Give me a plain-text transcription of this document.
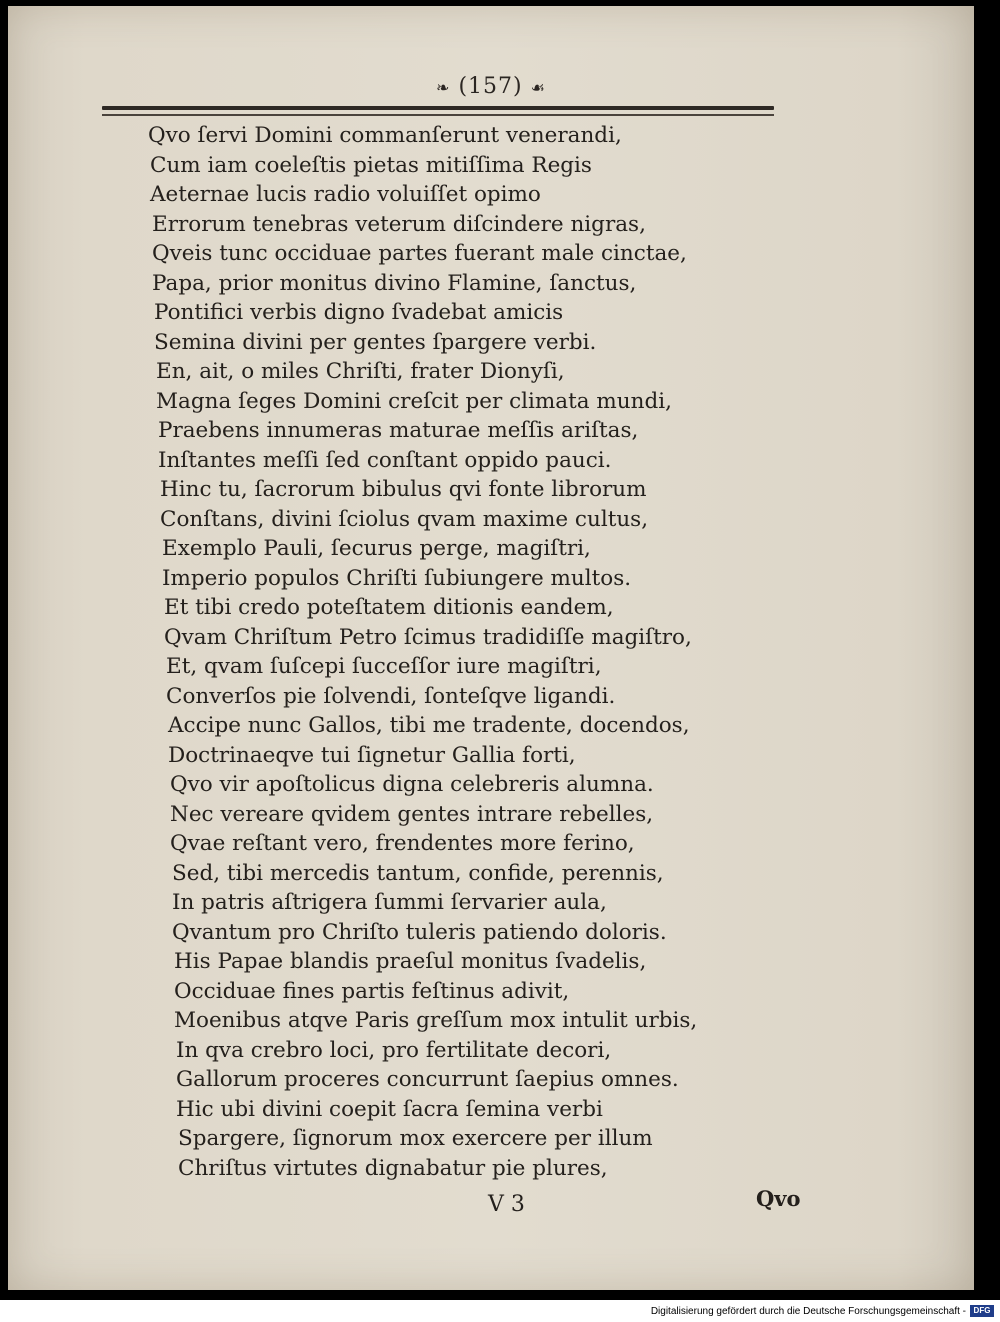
❧ (157) ☙
Qvo ſervi Domini commanſerunt venerandi,
Cum iam coeleſtis pietas mitiſſima Regis
Aeternae lucis radio voluiſſet opimo
Errorum tenebras veterum diſcindere nigras,
Qveis tunc occiduae partes fuerant male cinctae,
Papa, prior monitus divino Flamine, ſanctus,
Pontifici verbis digno ſvadebat amicis
Semina divini per gentes ſpargere verbi.
En, ait, o miles Chriſti, frater Dionyſi,
Magna ſeges Domini creſcit per climata mundi,
Praebens innumeras maturae meſſis ariſtas,
Inſtantes meſſi ſed conſtant oppido pauci.
Hinc tu, ſacrorum bibulus qvi fonte librorum
Conſtans, divini ſciolus qvam maxime cultus,
Exemplo Pauli, ſecurus perge, magiſtri,
Imperio populos Chriſti ſubiungere multos.
Et tibi credo poteſtatem ditionis eandem,
Qvam Chriſtum Petro ſcimus tradidiſſe magiſtro,
Et, qvam ſuſcepi ſucceſſor iure magiſtri,
Converſos pie ſolvendi, ſonteſqve ligandi.
Accipe nunc Gallos, tibi me tradente, docendos,
Doctrinaeqve tui ſignetur Gallia forti,
Qvo vir apoſtolicus digna celebreris alumna.
Nec vereare qvidem gentes intrare rebelles,
Qvae reſtant vero, frendentes more ferino,
Sed, tibi mercedis tantum, confide, perennis,
In patris aſtrigera ſummi ſervarier aula,
Qvantum pro Chriſto tuleris patiendo doloris.
His Papae blandis praeſul monitus ſvadelis,
Occiduae fines partis feſtinus adivit,
Moenibus atqve Paris greſſum mox intulit urbis,
In qva crebro loci, pro fertilitate decori,
Gallorum proceres concurrunt ſaepius omnes.
Hic ubi divini coepit ſacra ſemina verbi
Spargere, ſignorum mox exercere per illum
Chriſtus virtutes dignabatur pie plures,
V 3	Qvo
Digitalisierung gefördert durch die Deutsche Forschungsgemeinschaft - DFG
